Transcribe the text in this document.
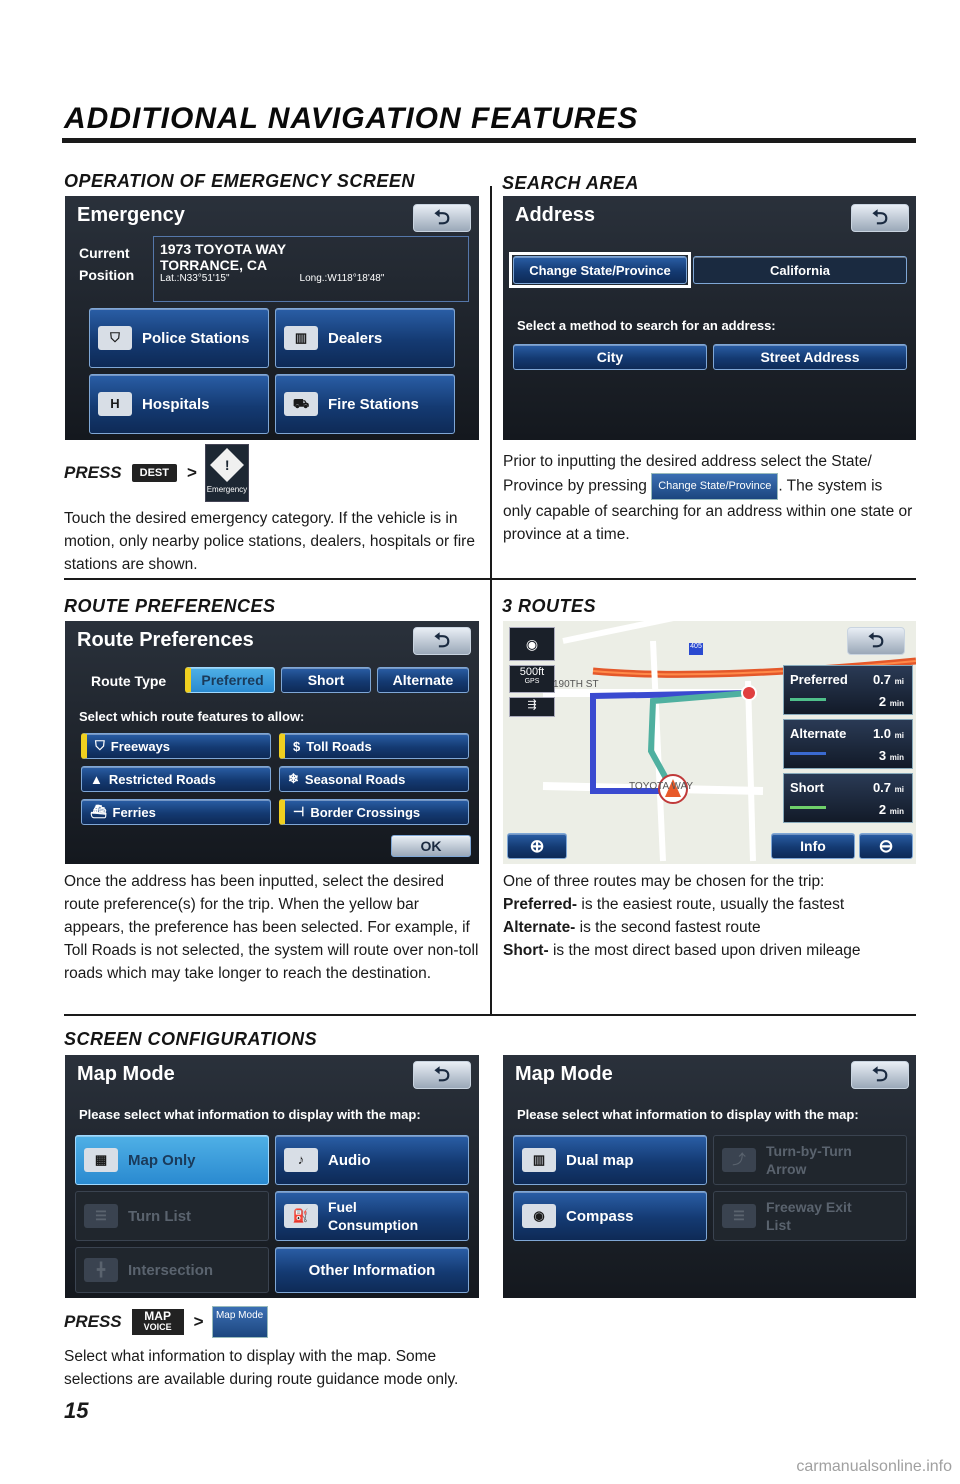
ADDITIONAL NAVIGATION FEATURES
OPERATION OF EMERGENCY SCREEN	SEARCH AREA
ROUTE PREFERENCES	3 ROUTES
SCREEN CONFIGURATIONS
Emergency	⮌
Current
Position
1973 TOYOTA WAY
TORRANCE, CA
Lat.:N33°51'15"	Long.:W118°18'48"
⛉	Police Stations	▥	Dealers
H	Hospitals	⛟	Fire Stations
PRESS	DEST	> !
Emergency
Touch the desired emergency category. If the vehicle is in motion, only nearby police stations, dealers, hospitals or fire stations are shown.
Address	⮌
Change State/Province	California
Select a method to search for an address:
City	Street Address
Prior to inputting the desired address select the State/ Province by pressing Change State/Province . The system is only capable of searching for an address within one state or province at a time.
Route Preferences	⮌
Route Type	Preferred	Short	Alternate
Select which route features to allow:
⛉ Freeways	$ Toll Roads
▲ Restricted Roads	❄ Seasonal Roads
⛴ Ferries	⊣ Border Crossings
OK
Once the address has been inputted, select the desired route preference(s) for the trip. When the yellow bar appears, the preference has been selected. For example, if Toll Roads is not selected, the system will route over non-toll roads which may take longer to reach the destination.
◉
500ft
GPS
⇶
190TH ST
TOYOTA WAY
405	⮌
Preferred 0.7 mi
2 min
Alternate 1.0 mi
3 min
Short	0.7 mi
2 min
⊕	Info	⊖
One of three routes may be chosen for the trip:
Preferred- is the easiest route, usually the fastest
Alternate- is the second fastest route
Short- is the most direct based upon driven mileage
Map Mode	⮌
Please select what information to display with the map:
▦	Map Only	♪	Audio
☰	Turn List	⛽
Fuel Consumption
╋	Intersection	Other Information
Map Mode	⮌
Please select what information to display with the map:
▥	Dual map	⤴
Turn-by-Turn Arrow
◉	Compass	☰
Freeway Exit List
PRESS	MAP
VOICE	>	Map Mode
Select what information to display with the map. Some selections are available during route guidance mode only.
15
carmanualsonline.info
